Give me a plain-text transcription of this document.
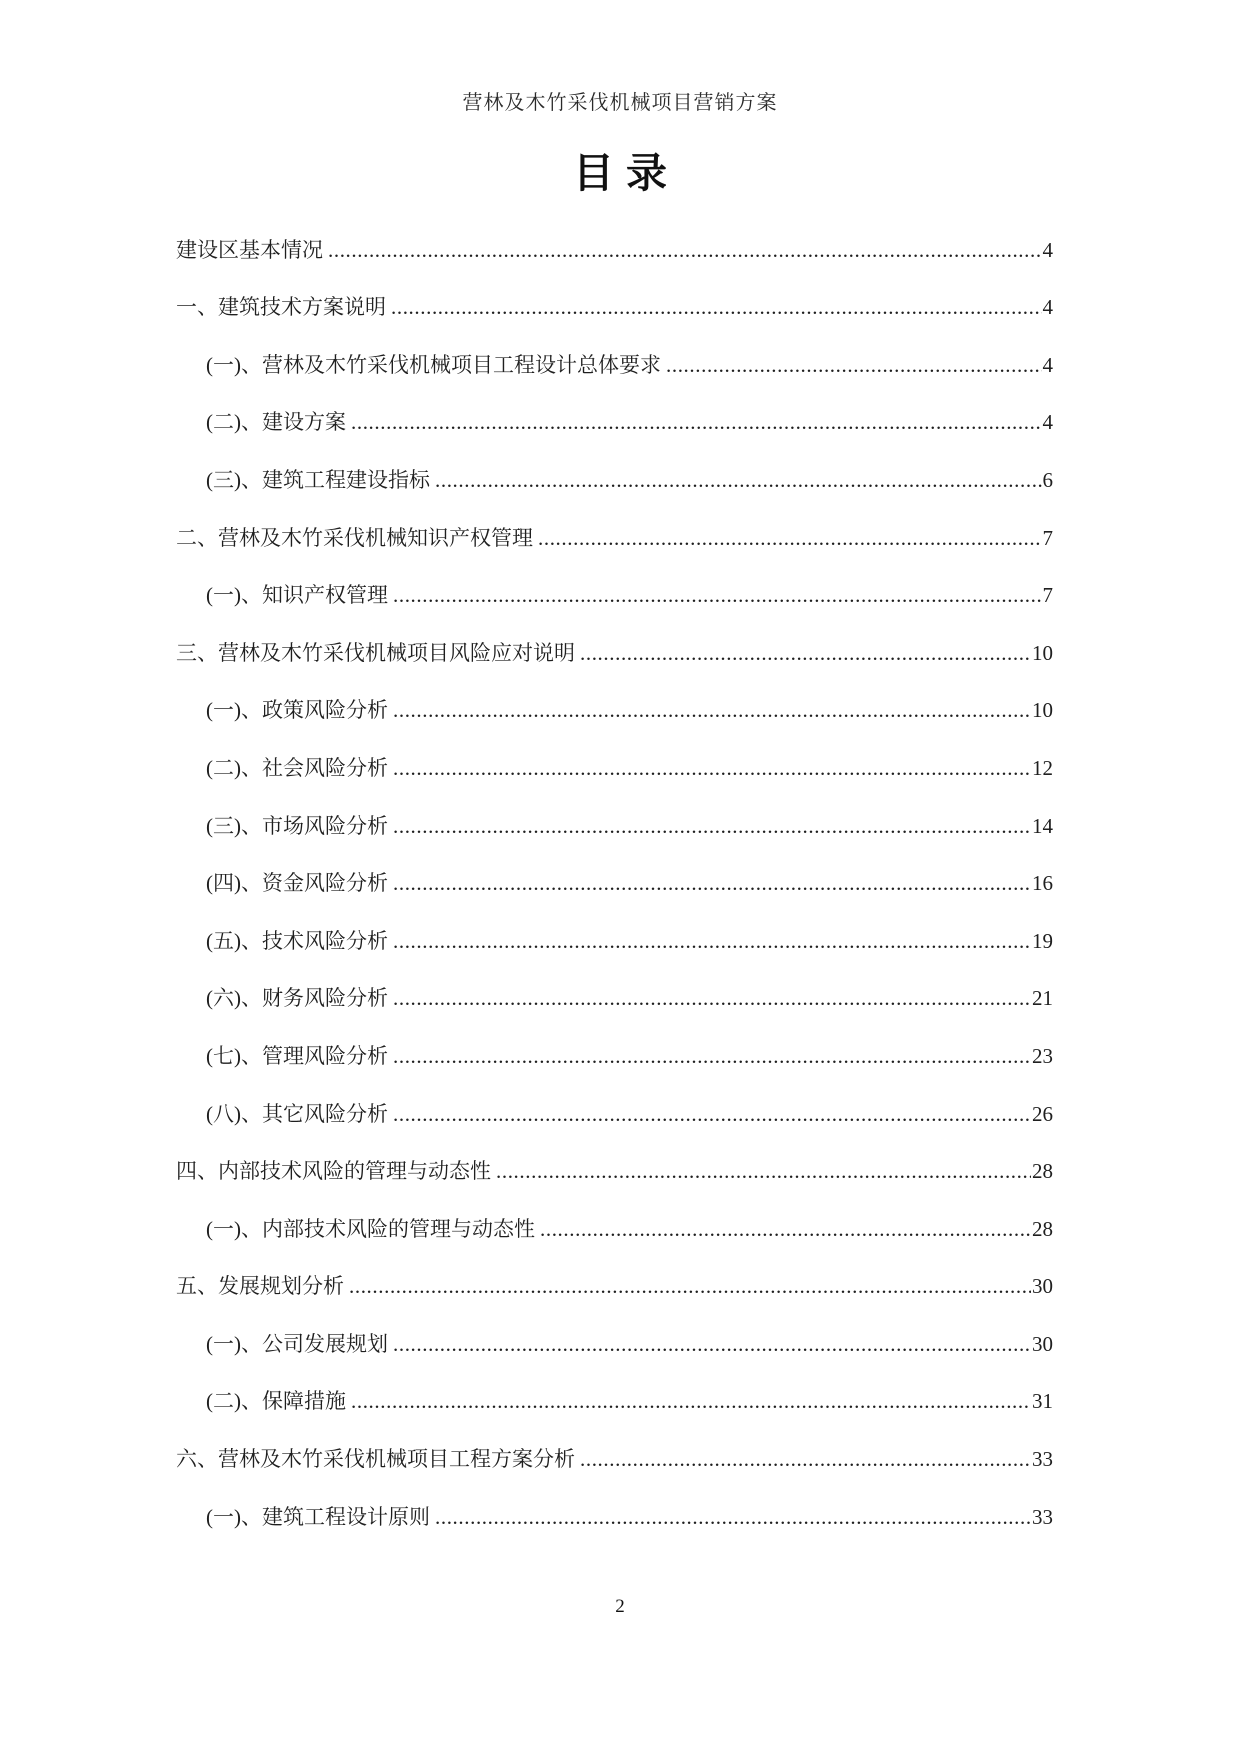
营林及木竹采伐机械项目营销方案
目录
建设区基本情况 .....	4
一、建筑技术方案说明 .....	4
(一)、营林及木竹采伐机械项目工程设计总体要求 .....	4
(二)、建设方案 .....	4
(三)、建筑工程建设指标 .....	6
二、营林及木竹采伐机械知识产权管理 .....	7
(一)、知识产权管理 .....	7
三、营林及木竹采伐机械项目风险应对说明 .....	10
(一)、政策风险分析 .....	10
(二)、社会风险分析 .....	12
(三)、市场风险分析 .....	14
(四)、资金风险分析 .....	16
(五)、技术风险分析 .....	19
(六)、财务风险分析 .....	21
(七)、管理风险分析 .....	23
(八)、其它风险分析 .....	26
四、内部技术风险的管理与动态性 .....	28
(一)、内部技术风险的管理与动态性 .....	28
五、发展规划分析 .....	30
(一)、公司发展规划 .....	30
(二)、保障措施 .....	31
六、营林及木竹采伐机械项目工程方案分析 .....	33
(一)、建筑工程设计原则 .....	33
2
